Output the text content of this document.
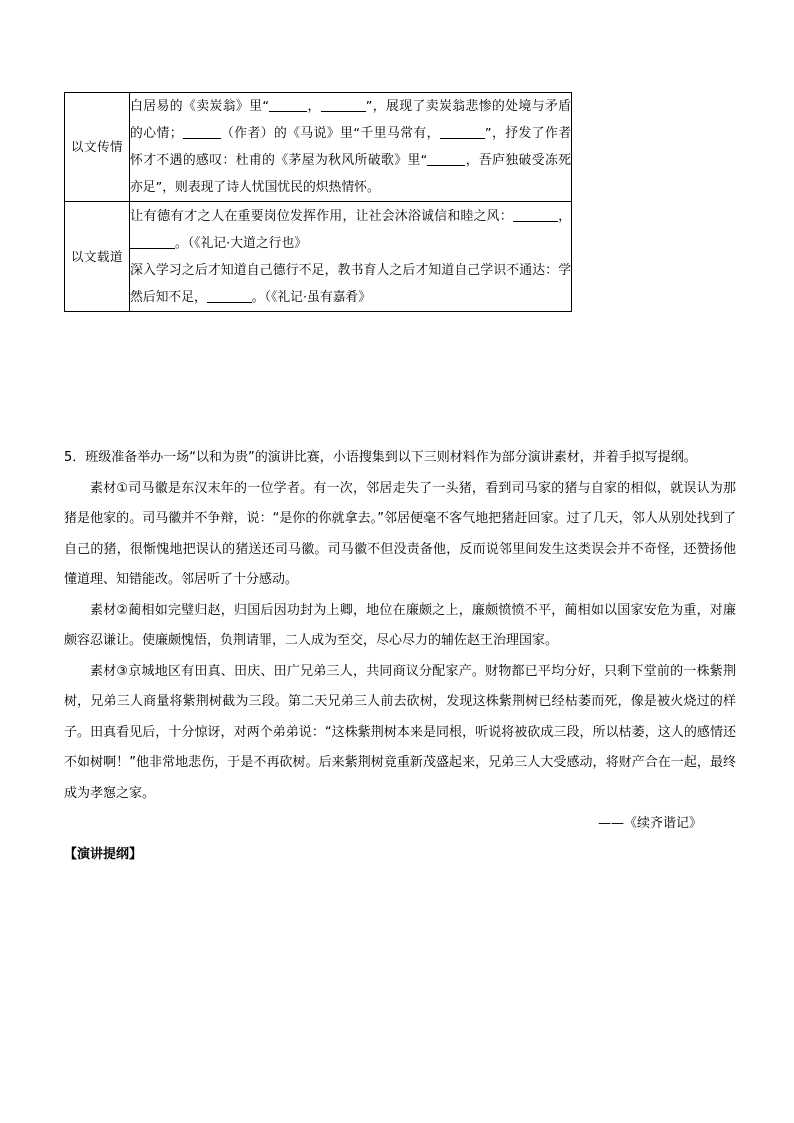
以文传情	白居易的《卖炭翁》里“ ， ”，展现了卖炭翁悲惨的处境与矛盾的心情； （作者）的《马说》里“千里马常有， ”，抒发了作者怀才不遇的感叹：杜甫的《茅屋为秋风所破歌》里“ ，吾庐独破受冻死亦足”，则表现了诗人忧国忧民的炽热情怀。

以文载道	让有德有才之人在重要岗位发挥作用，让社会沐浴诚信和睦之风： ，。（《礼记·大道之行也》

深入学习之后才知道自己德行不足，教书育人之后才知道自己学识不通达：学然后知不足， 。（《礼记·虽有嘉肴》

5．班级准备举办一场“以和为贵”的演讲比赛，小语搜集到以下三则材料作为部分演讲素材，并着手拟写提纲。

素材①司马徽是东汉末年的一位学者。有一次，邻居走失了一头猪，看到司马家的猪与自家的相似，就误认为那猪是他家的。司马徽并不争辩，说：“是你的你就拿去。”邻居便毫不客气地把猪赶回家。过了几天，邻人从别处找到了自己的猪，很惭愧地把误认的猪送还司马徽。司马徽不但没责备他，反而说邻里间发生这类误会并不奇怪，还赞扬他懂道理、知错能改。邻居听了十分感动。

素材②蔺相如完璧归赵，归国后因功封为上卿，地位在廉颇之上，廉颇愤愤不平，蔺相如以国家安危为重，对廉颇容忍谦让。使廉颇愧悟，负荆请罪，二人成为至交，尽心尽力的辅佐赵王治理国家。

素材③京城地区有田真、田庆、田广兄弟三人，共同商议分配家产。财物都已平均分好，只剩下堂前的一株紫荆树，兄弟三人商量将紫荆树截为三段。第二天兄弟三人前去砍树，发现这株紫荆树已经枯萎而死，像是被火烧过的样子。田真看见后，十分惊讶，对两个弟弟说：“这株紫荆树本来是同根，听说将被砍成三段，所以枯萎，这人的感情还不如树啊！”他非常地悲伤，于是不再砍树。后来紫荆树竟重新茂盛起来，兄弟三人大受感动，将财产合在一起，最终成为孝惌之家。

——《续齐谐记》

【演讲提纲】
